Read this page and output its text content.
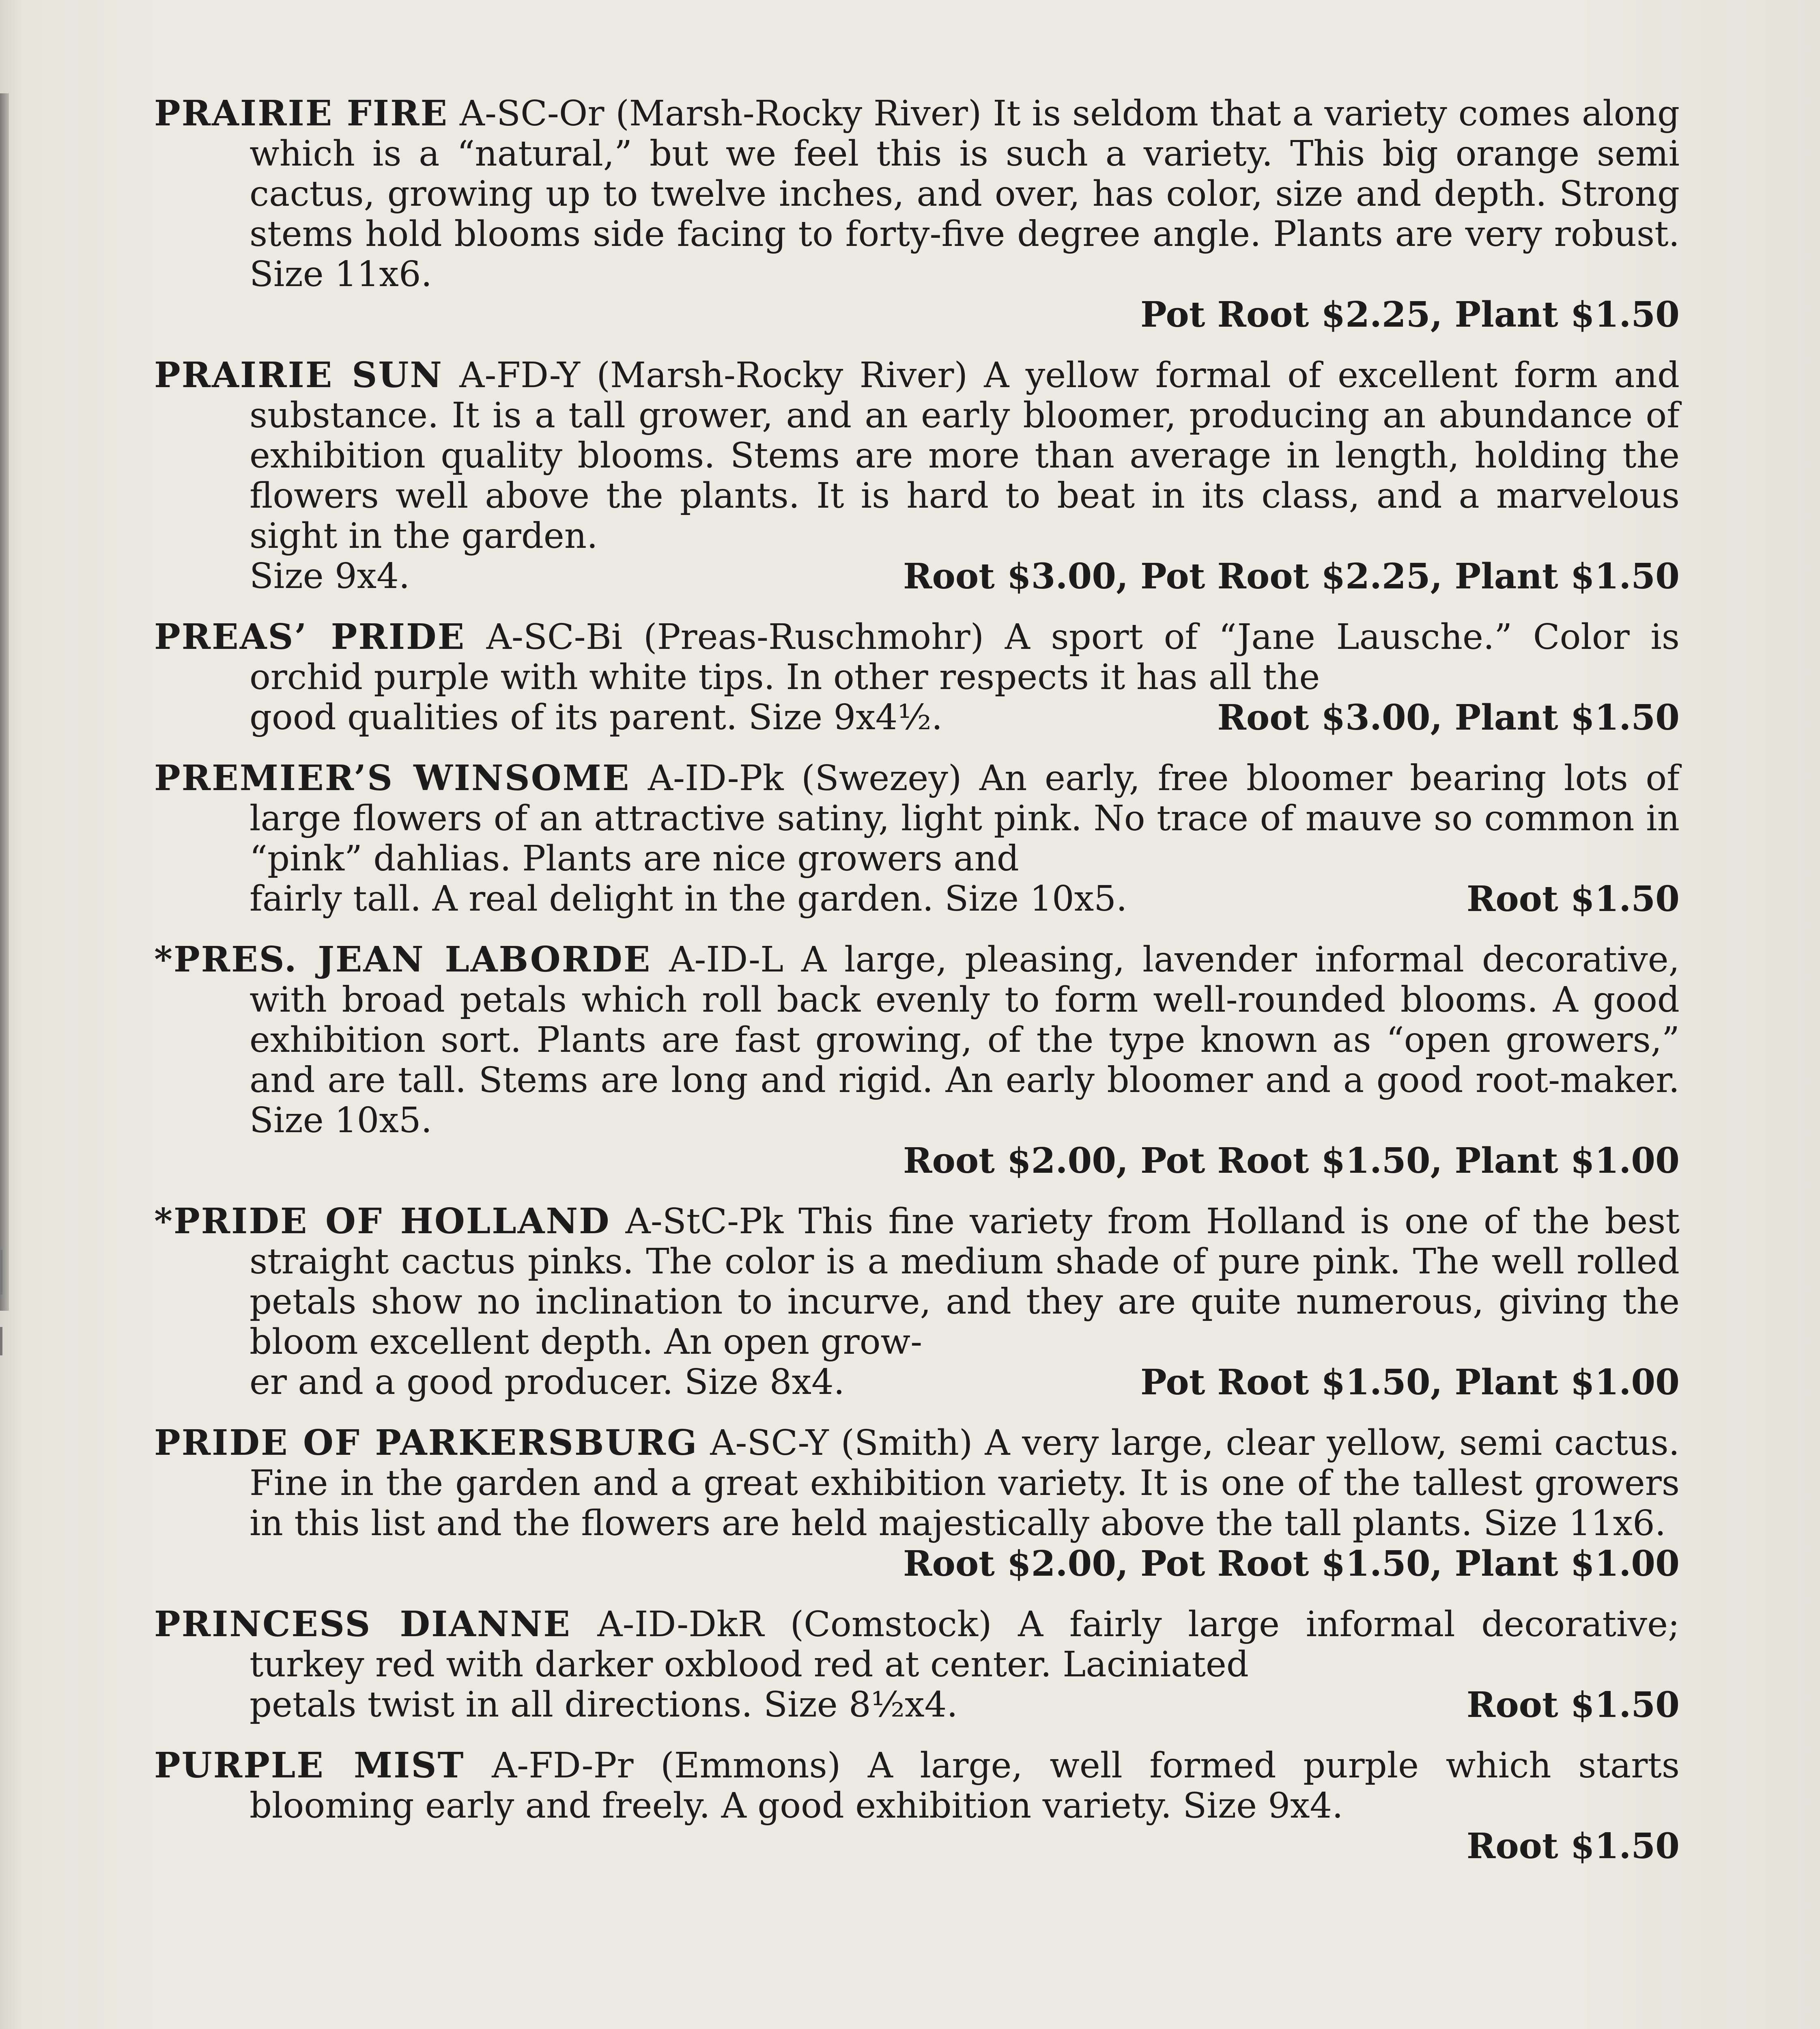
PRAIRIE FIRE A-SC-Or (Marsh-Rocky River) It is seldom that a variety comes along which is a “natural,” but we feel this is such a variety. This big orange semi cactus, growing up to twelve inches, and over, has color, size and depth. Strong stems hold blooms side facing to forty-five degree angle. Plants are very robust. Size 11x6.
Pot Root $2.25, Plant $1.50
PRAIRIE SUN A-FD-Y (Marsh-Rocky River) A yellow formal of excellent form and substance. It is a tall grower, and an early bloomer, producing an abundance of exhibition quality blooms. Stems are more than average in length, holding the flowers well above the plants. It is hard to beat in its class, and a marvelous sight in the garden.
Size 9x4.	Root $3.00, Pot Root $2.25, Plant $1.50
PREAS’ PRIDE A-SC-Bi (Preas-Ruschmohr) A sport of “Jane Lausche.” Color is orchid purple with white tips. In other respects it has all the
good qualities of its parent. Size 9x4½.	Root $3.00, Plant $1.50
PREMIER’S WINSOME A-ID-Pk (Swezey) An early, free bloomer bearing lots of large flowers of an attractive satiny, light pink. No trace of mauve so common in “pink” dahlias. Plants are nice growers and
fairly tall. A real delight in the garden. Size 10x5.	Root $1.50
*PRES. JEAN LABORDE A-ID-L A large, pleasing, lavender informal decorative, with broad petals which roll back evenly to form well-rounded blooms. A good exhibition sort. Plants are fast growing, of the type known as “open growers,” and are tall. Stems are long and rigid. An early bloomer and a good root-maker. Size 10x5.
Root $2.00, Pot Root $1.50, Plant $1.00
*PRIDE OF HOLLAND A-StC-Pk This fine variety from Holland is one of the best straight cactus pinks. The color is a medium shade of pure pink. The well rolled petals show no inclination to incurve, and they are quite numerous, giving the bloom excellent depth. An open grow-
er and a good producer. Size 8x4.	Pot Root $1.50, Plant $1.00
PRIDE OF PARKERSBURG A-SC-Y (Smith) A very large, clear yellow, semi cactus. Fine in the garden and a great exhibition variety. It is one of the tallest growers in this list and the flowers are held majestically above the tall plants. Size 11x6.
Root $2.00, Pot Root $1.50, Plant $1.00
PRINCESS DIANNE A-ID-DkR (Comstock) A fairly large informal decorative; turkey red with darker oxblood red at center. Laciniated
petals twist in all directions. Size 8½x4.	Root $1.50
PURPLE MIST A-FD-Pr (Emmons) A large, well formed purple which starts blooming early and freely. A good exhibition variety. Size 9x4.
Root $1.50
